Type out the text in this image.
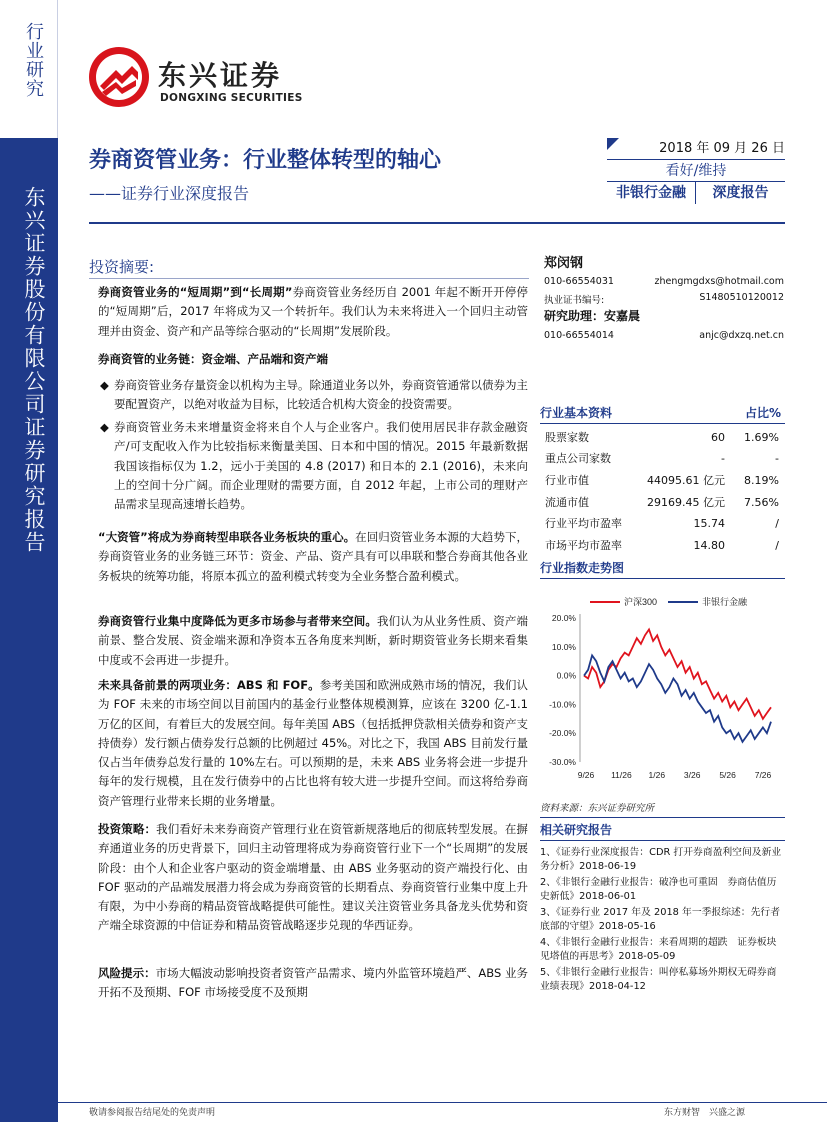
行业研究
东兴证券股份有限公司证券研究报告
东兴证券
DONGXING SECURITIES
券商资管业务：行业整体转型的轴心
——证券行业深度报告
2018 年 09 月 26 日
看好/维持
非银行金融	深度报告
投资摘要:
券商资管业务的“短周期”到“长周期”券商资管业务经历自 2001 年起不断开开停停的“短周期”后，2017 年将成为又一个转折年。我们认为未来将进入一个回归主动管理并由资金、资产和产品等综合驱动的“长周期”发展阶段。
券商资管的业务链：资金端、产品端和资产端
◆ 券商资管业务存量资金以机构为主导。除通道业务以外，券商资管通常以债券为主要配置资产，以绝对收益为目标，比较适合机构大资金的投资需要。
◆ 券商资管业务未来增量资金将来自个人与企业客户。我们使用居民非存款金融资产/可支配收入作为比较指标来衡量美国、日本和中国的情况。2015 年最新数据我国该指标仅为 1.2，远小于美国的 4.8 (2017) 和日本的 2.1 (2016)，未来向上的空间十分广阔。而企业理财的需要方面，自 2012 年起，上市公司的理财产品需求呈现高速增长趋势。
“大资管”将成为券商转型串联各业务板块的重心。在回归资管业务本源的大趋势下，券商资管业务的业务链三环节：资金、产品、资产具有可以串联和整合券商其他各业务板块的统筹功能，将原本孤立的盈利模式转变为全业务整合盈利模式。
券商资管行业集中度降低为更多市场参与者带来空间。我们认为从业务性质、资产端前景、整合发展、资金端来源和净资本五各角度来判断，新时期资管业务长期来看集中度或不会再进一步提升。
未来具备前景的两项业务：ABS 和 FOF。参考美国和欧洲成熟市场的情况，我们认为 FOF 未来的市场空间以目前国内的基金行业整体规模测算，应该在 3200 亿-1.1 万亿的区间，有着巨大的发展空间。每年美国 ABS（包括抵押贷款相关债券和资产支持债券）发行额占债券发行总额的比例超过 45%。对比之下，我国 ABS 目前发行量仅占当年债券总发行量的 10%左右。可以预期的是，未来 ABS 业务将会进一步提升每年的发行规模，且在发行债券中的占比也将有较大进一步提升空间。而这将给券商资产管理行业带来长期的业务增量。
投资策略：我们看好未来券商资产管理行业在资管新规落地后的彻底转型发展。在摒弃通道业务的历史背景下，回归主动管理将成为券商资管行业下一个“长周期”的发展阶段：由个人和企业客户驱动的资金端增量、由 ABS 业务驱动的资产端投行化、由 FOF 驱动的产品端发展潜力将会成为券商资管的长期看点、券商资管行业集中度上升有限，为中小券商的精品资管战略提供可能性。建议关注资管业务具备龙头优势和资产端全球资源的中信证券和精品资管战略逐步兑现的华西证券。
风险提示：市场大幅波动影响投资者资管产品需求、境内外监管环境趋严、ABS 业务开拓不及预期、FOF 市场接受度不及预期
郑闵钢
010-66554031	zhengmgdxs@hotmail.com
执业证书编号:	S1480510120012
研究助理：安嘉晨
010-66554014	anjc@dxzq.net.cn
行业基本资料	占比%
股票家数	60 1.69%
重点公司家数	-	-
行业市值	44095.61 亿元 8.19%
流通市值	29169.45 亿元 7.56%
行业平均市盈率	15.74	/
市场平均市盈率	14.80	/
行业指数走势图
20.0%
10.0%
0.0%
-10.0%
-20.0%
-30.0%
9/26 11/26 1/26 3/26 5/26 7/26
沪深300	非银行金融
资料来源：东兴证券研究所
相关研究报告
1、《证券行业深度报告：CDR 打开券商盈利空间及新业务分析》2018-06-19
2、《非银行金融行业报告：破净也可重固　券商估值历史新低》2018-06-01
3、《证券行业 2017 年及 2018 年一季报综述：先行者底部的守望》2018-05-16
4、《非银行金融行业报告：来看周期的超跌　证券板块见塔值的再思考》2018-05-09
5、《非银行金融行业报告：叫停私募场外期权无碍券商业绩表现》2018-04-12
敬请参阅报告结尾处的免责声明	东方财智　兴盛之源
